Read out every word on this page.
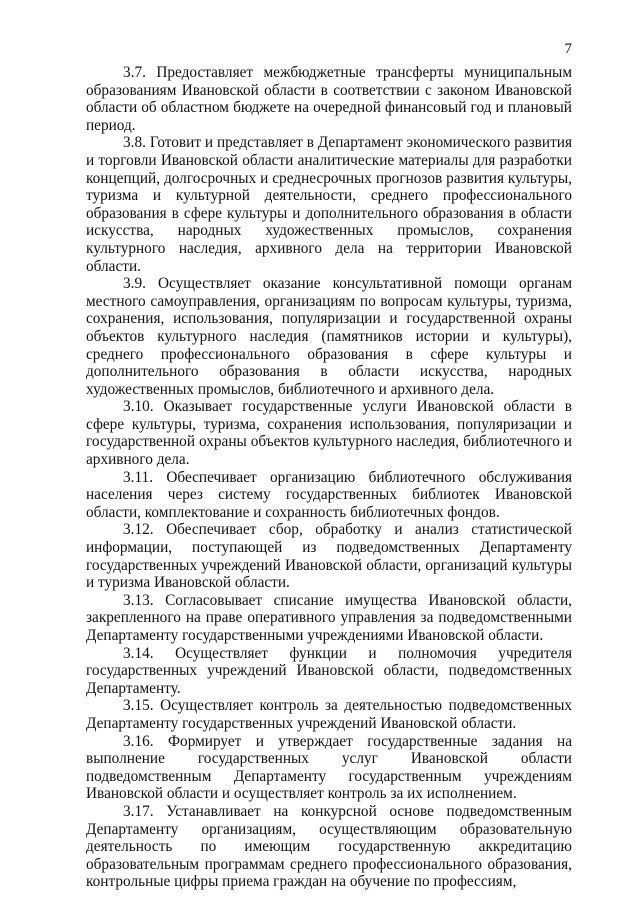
7

3.7. Предоставляет межбюджетные трансферты муниципальным образованиям Ивановской области в соответствии с законом Ивановской области об областном бюджете на очередной финансовый год и плановый период.

3.8. Готовит и представляет в Департамент экономического развития и торговли Ивановской области аналитические материалы для разработки концепций, долгосрочных и среднесрочных прогнозов развития культуры, туризма и культурной деятельности, среднего профессионального образования в сфере культуры и дополнительного образования в области искусства, народных художественных промыслов, сохранения культурного наследия, архивного дела на территории Ивановской области.

3.9. Осуществляет оказание консультативной помощи органам местного самоуправления, организациям по вопросам культуры, туризма, сохранения, использования, популяризации и государственной охраны объектов культурного наследия (памятников истории и культуры), среднего профессионального образования в сфере культуры и дополнительного образования в области искусства, народных художественных промыслов, библиотечного и архивного дела.

3.10. Оказывает государственные услуги Ивановской области в сфере культуры, туризма, сохранения использования, популяризации и государственной охраны объектов культурного наследия, библиотечного и архивного дела.

3.11. Обеспечивает организацию библиотечного обслуживания населения через систему государственных библиотек Ивановской области, комплектование и сохранность библиотечных фондов.

3.12. Обеспечивает сбор, обработку и анализ статистической информации, поступающей из подведомственных Департаменту государственных учреждений Ивановской области, организаций культуры и туризма Ивановской области.

3.13. Согласовывает списание имущества Ивановской области, закрепленного на праве оперативного управления за подведомственными Департаменту государственными учреждениями Ивановской области.

3.14. Осуществляет функции и полномочия учредителя государственных учреждений Ивановской области, подведомственных Департаменту.

3.15. Осуществляет контроль за деятельностью подведомственных Департаменту государственных учреждений Ивановской области.

3.16. Формирует и утверждает государственные задания на выполнение государственных услуг Ивановской области подведомственным Департаменту государственным учреждениям Ивановской области и осуществляет контроль за их исполнением.

3.17. Устанавливает на конкурсной основе подведомственным Департаменту организациям, осуществляющим образовательную деятельность по имеющим государственную аккредитацию образовательным программам среднего профессионального образования, контрольные цифры приема граждан на обучение по профессиям,
